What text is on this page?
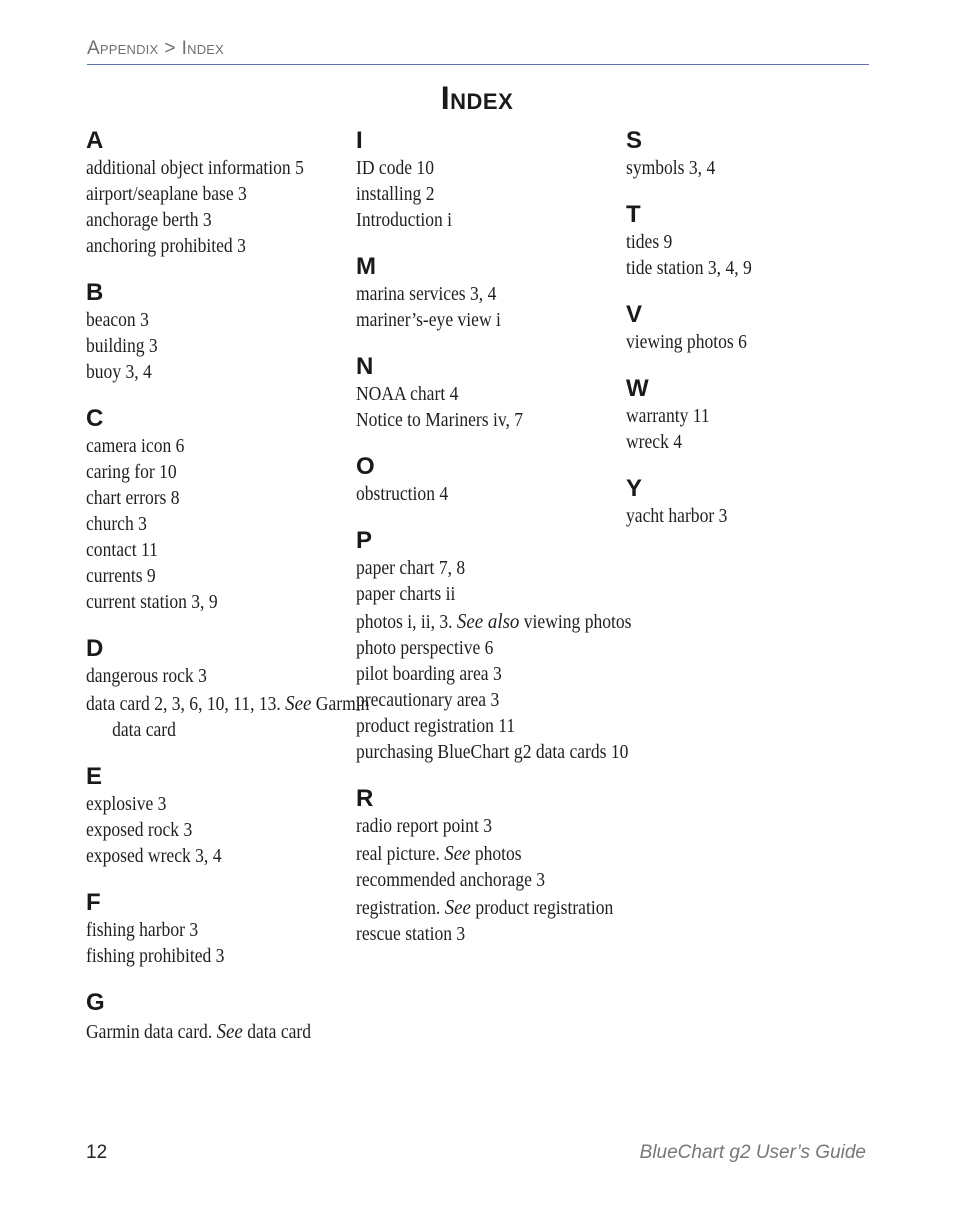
Appendix > Index
Index
A
additional object information 5
airport/seaplane base 3
anchorage berth 3
anchoring prohibited 3
B
beacon 3
building 3
buoy 3, 4
C
camera icon 6
caring for 10
chart errors 8
church 3
contact 11
currents 9
current station 3, 9
D
dangerous rock 3
data card 2, 3, 6, 10, 11, 13. See Garmin data card
E
explosive 3
exposed rock 3
exposed wreck 3, 4
F
fishing harbor 3
fishing prohibited 3
G
Garmin data card. See data card
I
ID code 10
installing 2
Introduction i
M
marina services 3, 4
mariner’s-eye view i
N
NOAA chart 4
Notice to Mariners iv, 7
O
obstruction 4
P
paper chart 7, 8
paper charts ii
photos i, ii, 3. See also viewing photos
photo perspective 6
pilot boarding area 3
precautionary area 3
product registration 11
purchasing BlueChart g2 data cards 10
R
radio report point 3
real picture. See photos
recommended anchorage 3
registration. See product registration
rescue station 3
S
symbols 3, 4
T
tides 9
tide station 3, 4, 9
V
viewing photos 6
W
warranty 11
wreck 4
Y
yacht harbor 3
12	BlueChart g2 User’s Guide
